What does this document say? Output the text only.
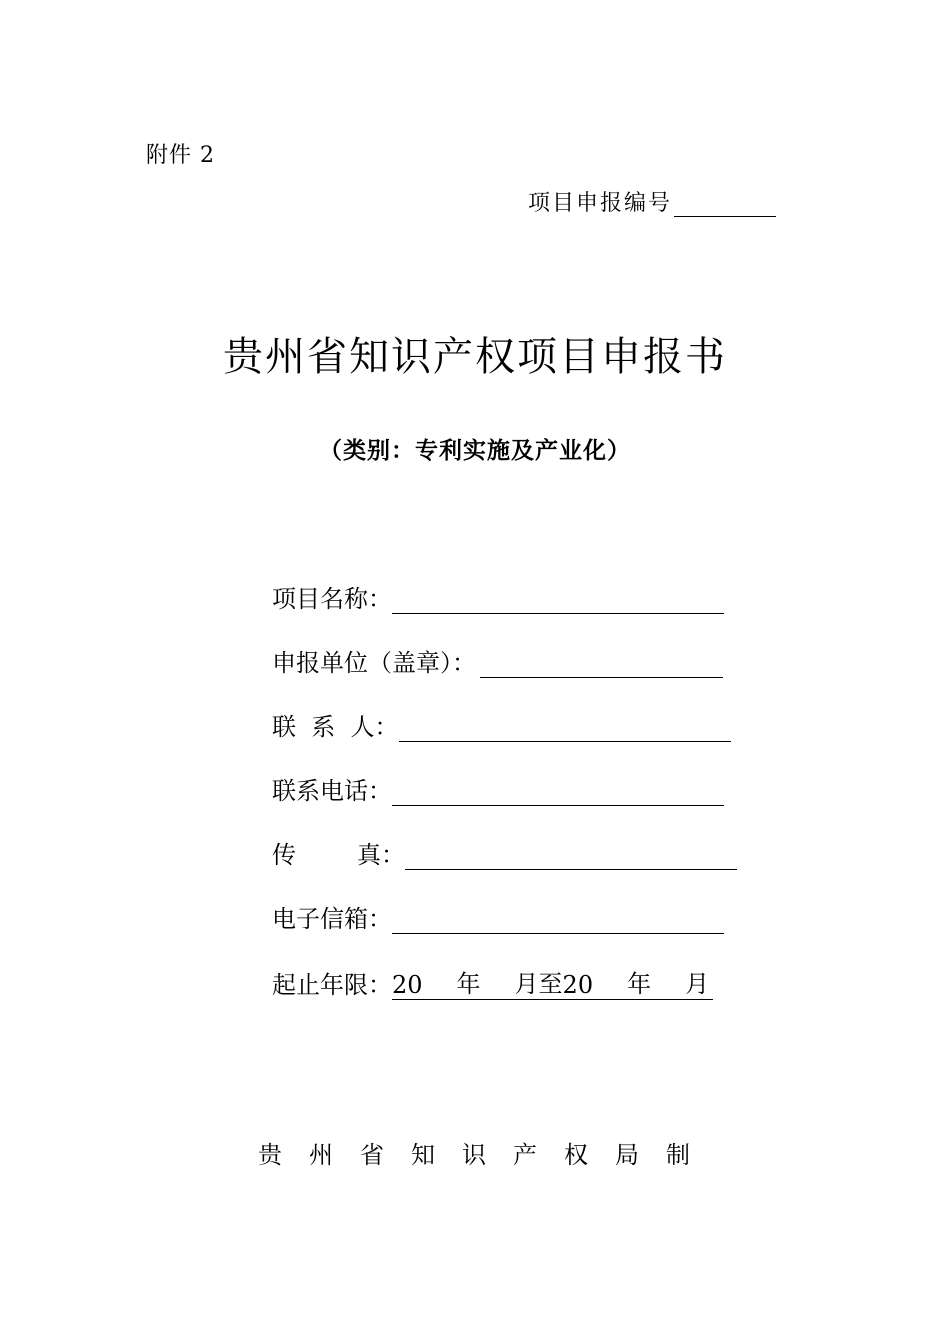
附件 2
项目申报编号
贵州省知识产权项目申报书
（类别：专利实施及产业化）
项目名称：
申报单位（盖章）：
联  系  人：
联系电话：
传        真：
电子信箱：
起止年限： 20 年 月至 20 年 月
贵	州	省	知	识	产	权	局	制
